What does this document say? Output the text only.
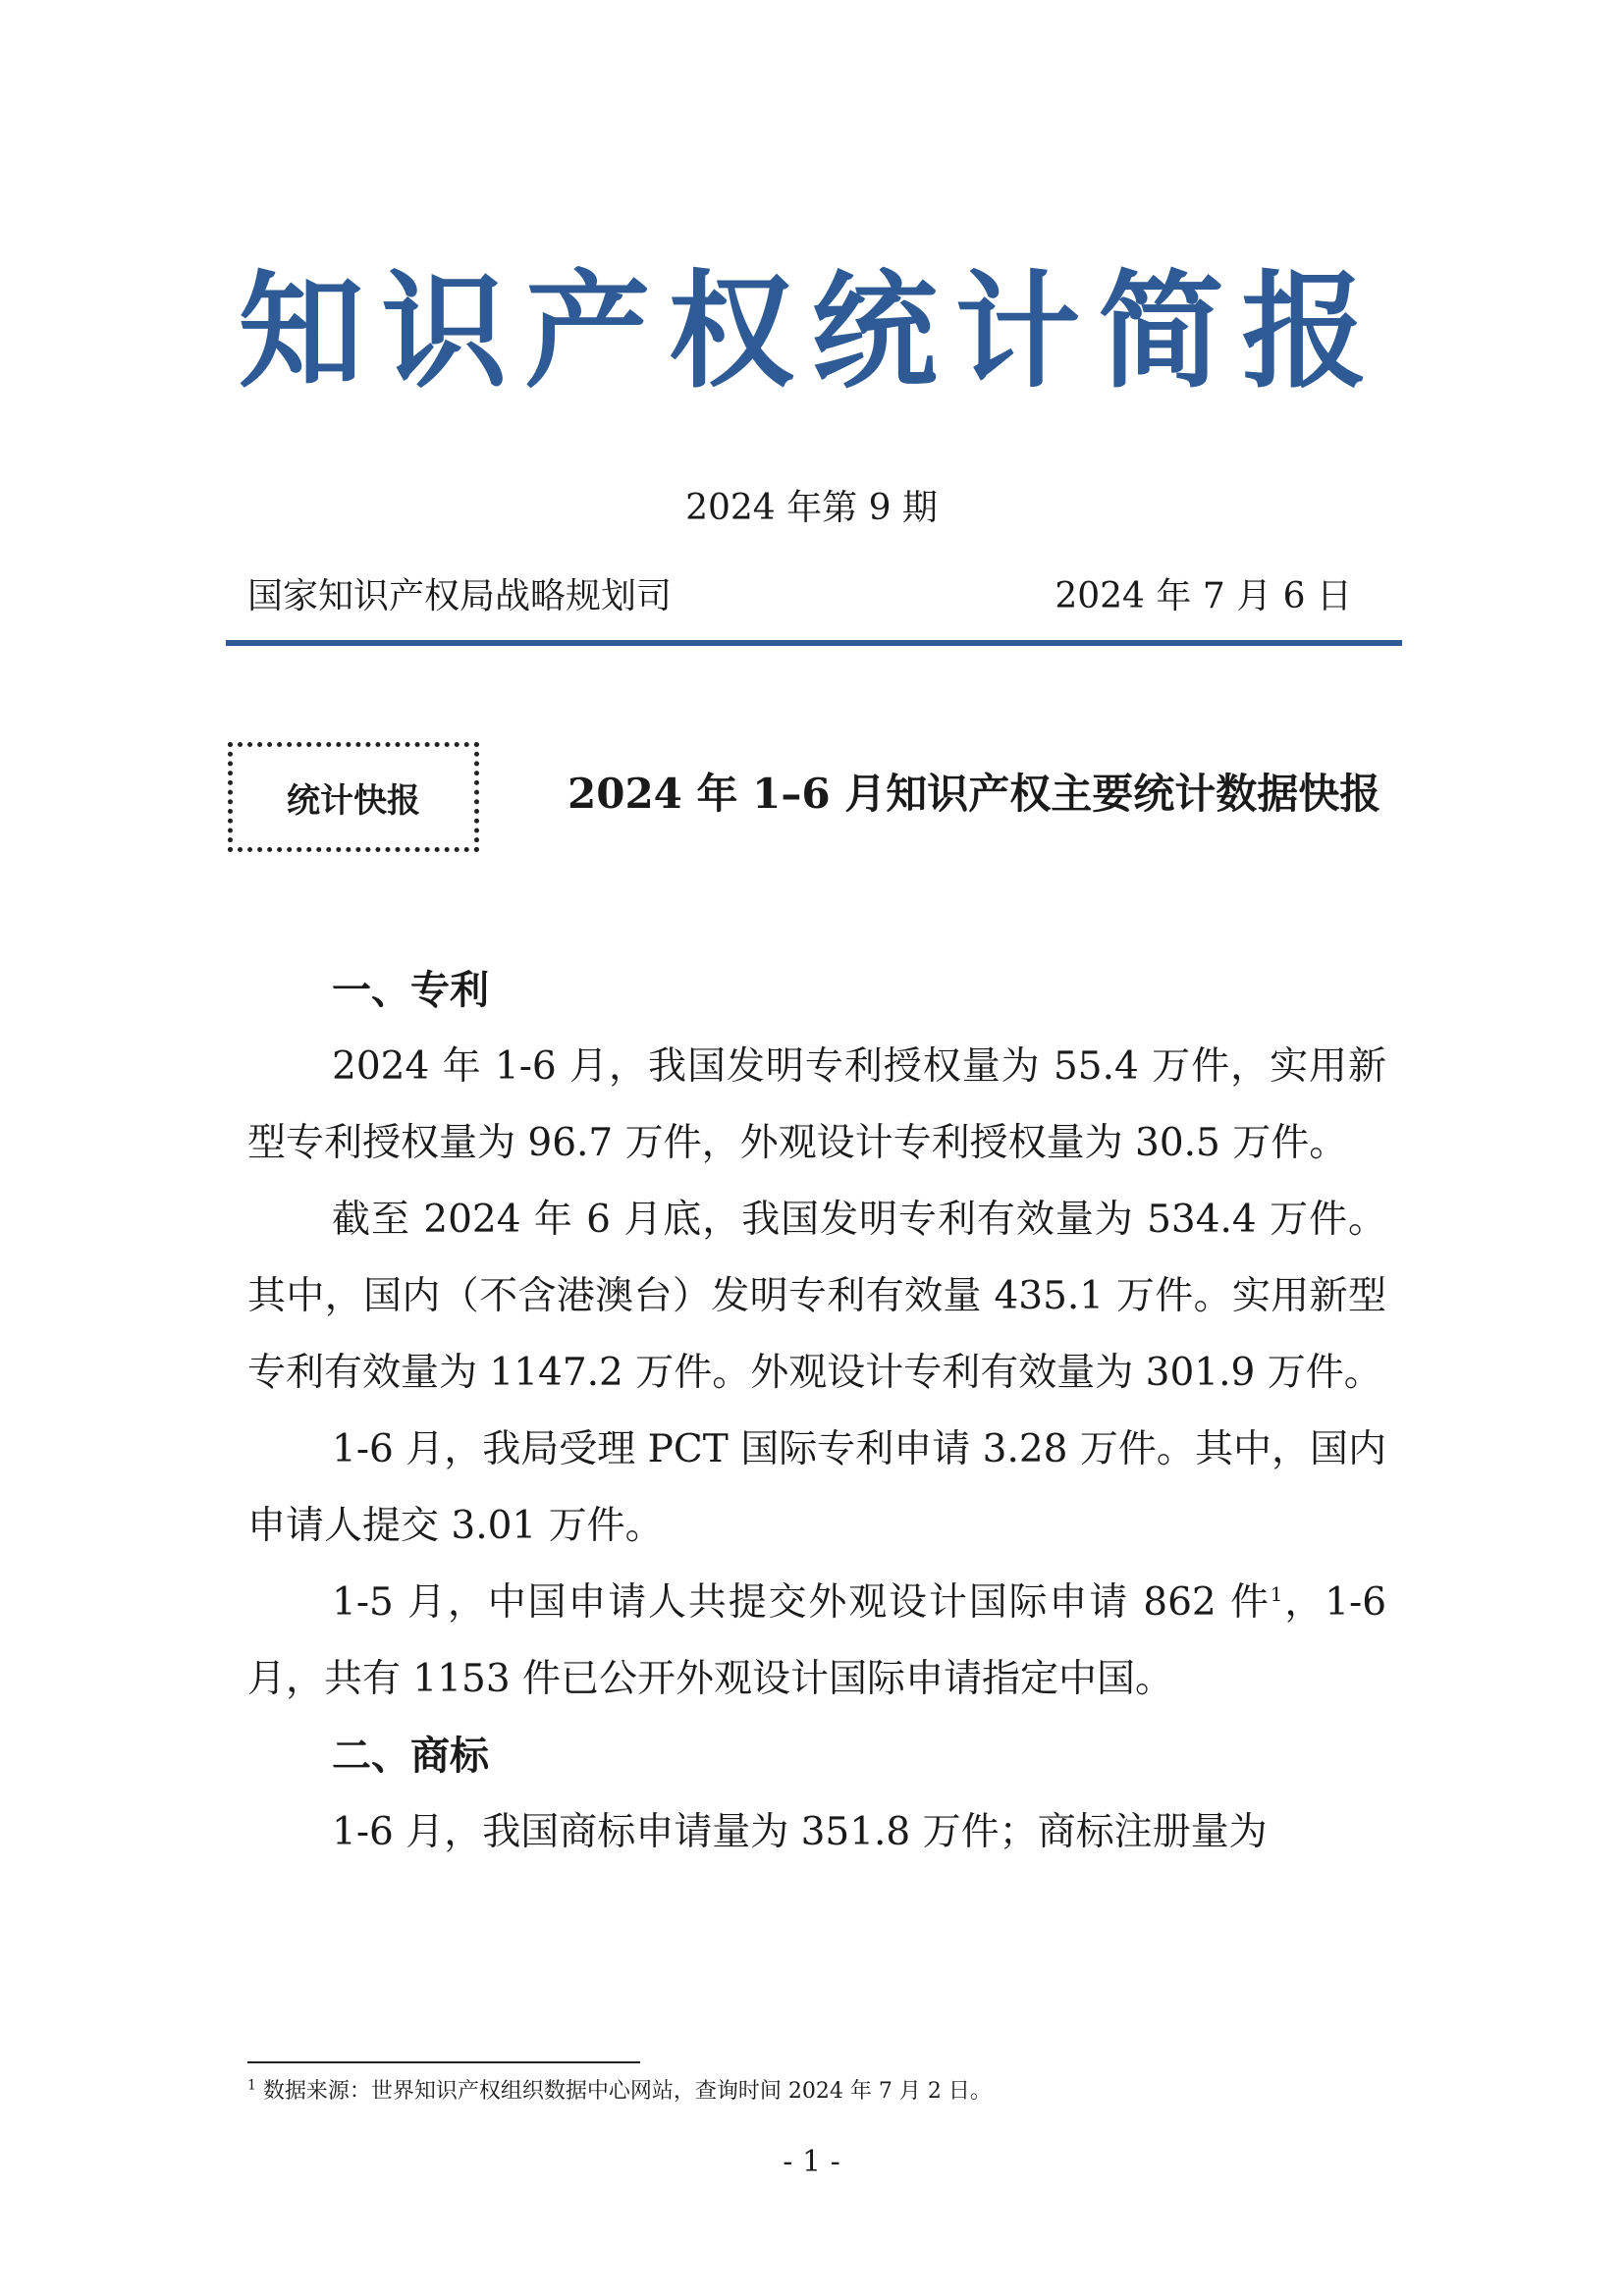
知识产权统计简报
2024 年第 9 期
国家知识产权局战略规划司	2024 年 7 月 6 日
统计快报	2024 年 1–6 月知识产权主要统计数据快报

一、专利

2024 年 1-6 月，我国发明专利授权量为 55.4 万件，实用新型专利授权量为 96.7 万件，外观设计专利授权量为 30.5 万件。

截至 2024 年 6 月底，我国发明专利有效量为 534.4 万件。其中，国内（不含港澳台）发明专利有效量 435.1 万件。实用新型专利有效量为 1147.2 万件。外观设计专利有效量为 301.9 万件。

1-6 月，我局受理 PCT 国际专利申请 3.28 万件。其中，国内申请人提交 3.01 万件。

1-5 月，中国申请人共提交外观设计国际申请 862 件$^1$，1-6 月，共有 1153 件已公开外观设计国际申请指定中国。

二、商标

1-6 月，我国商标申请量为 351.8 万件；商标注册量为

$^1$ 数据来源：世界知识产权组织数据中心网站，查询时间 2024 年 7 月 2 日。
- 1 -
